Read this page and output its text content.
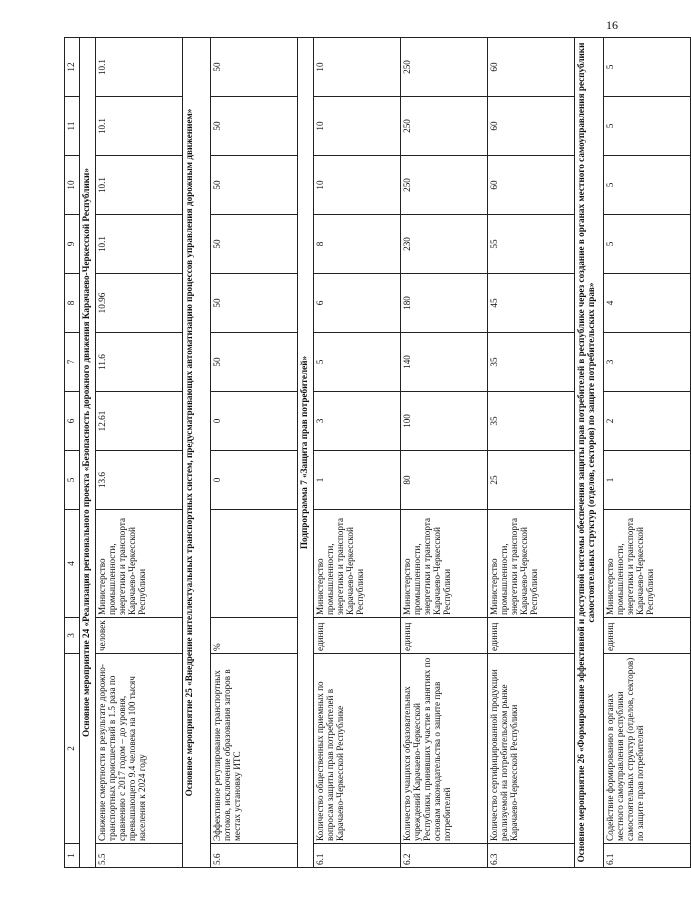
16
1	2	3	4	5	6	7	8	9	10	11	12
Основное мероприятие 24 «Реализация регионального проекта «Безопасность дорожного движения Карачаево-Черкесской Республики»											
5.5	Снижение смертности в результате дорожно-транспортных происшествий в 1.5 раза по сравнению с 2017 годом – до уровня, превышающего 9.4 человека на 100 тысяч населения к 2024 году	человек	Министерство промышленности, энергетики и транспорта Карачаево-Черкесской Республики	13.6	12.61	11.6	10.96	10.1	10.1	10.1	10.1
Основное мероприятие 25 «Внедрение интеллектуальных транспортных систем, предусматривающих автоматизацию процессов управления дорожным движением»											
5.6	Эффективное регулирование транспортных потоков, исключение образования заторов в местах установку ИТС	%		0	0	50	50	50	50	50	50
Подпрограмма 7 «Защита прав потребителей»											
6.1	Количество общественных приемных по вопросам защиты прав потребителей в Карачаево-Черкесской Республике	единиц	Министерство промышленности, энергетики и транспорта Карачаево-Черкесской Республики	1	3	5	6	8	10	10	10
6.2	Количество учащихся образовательных учреждений Карачаево-Черкесской Республики, принявших участие в занятиях по основам законодательства о защите прав потребителей	единиц	Министерство промышленности, энергетики и транспорта Карачаево-Черкесской Республики	80	100	140	180	230	250	250	250
6.3	Количество сертифицированной продукции реализуемой на потребительском рынке Карачаево-Черкесской Республики	единиц	Министерство промышленности, энергетики и транспорта Карачаево-Черкесской Республики	25	35	35	45	55	60	60	60
Основное мероприятие 26 «Формирование эффективной и доступной системы обеспечения защиты прав потребителей в республике через создание в органах местного самоуправления республики самостоятельных структур (отделов, секторов) по защите потребительских прав»											
6.1	Содействие формированию в органах местного самоуправления республики самостоятельных структур (отделов, секторов) по защите прав потребителей	единиц	Министерство промышленности, энергетики и транспорта Карачаево-Черкесской Республики	1	2	3	4	5	5	5	5
